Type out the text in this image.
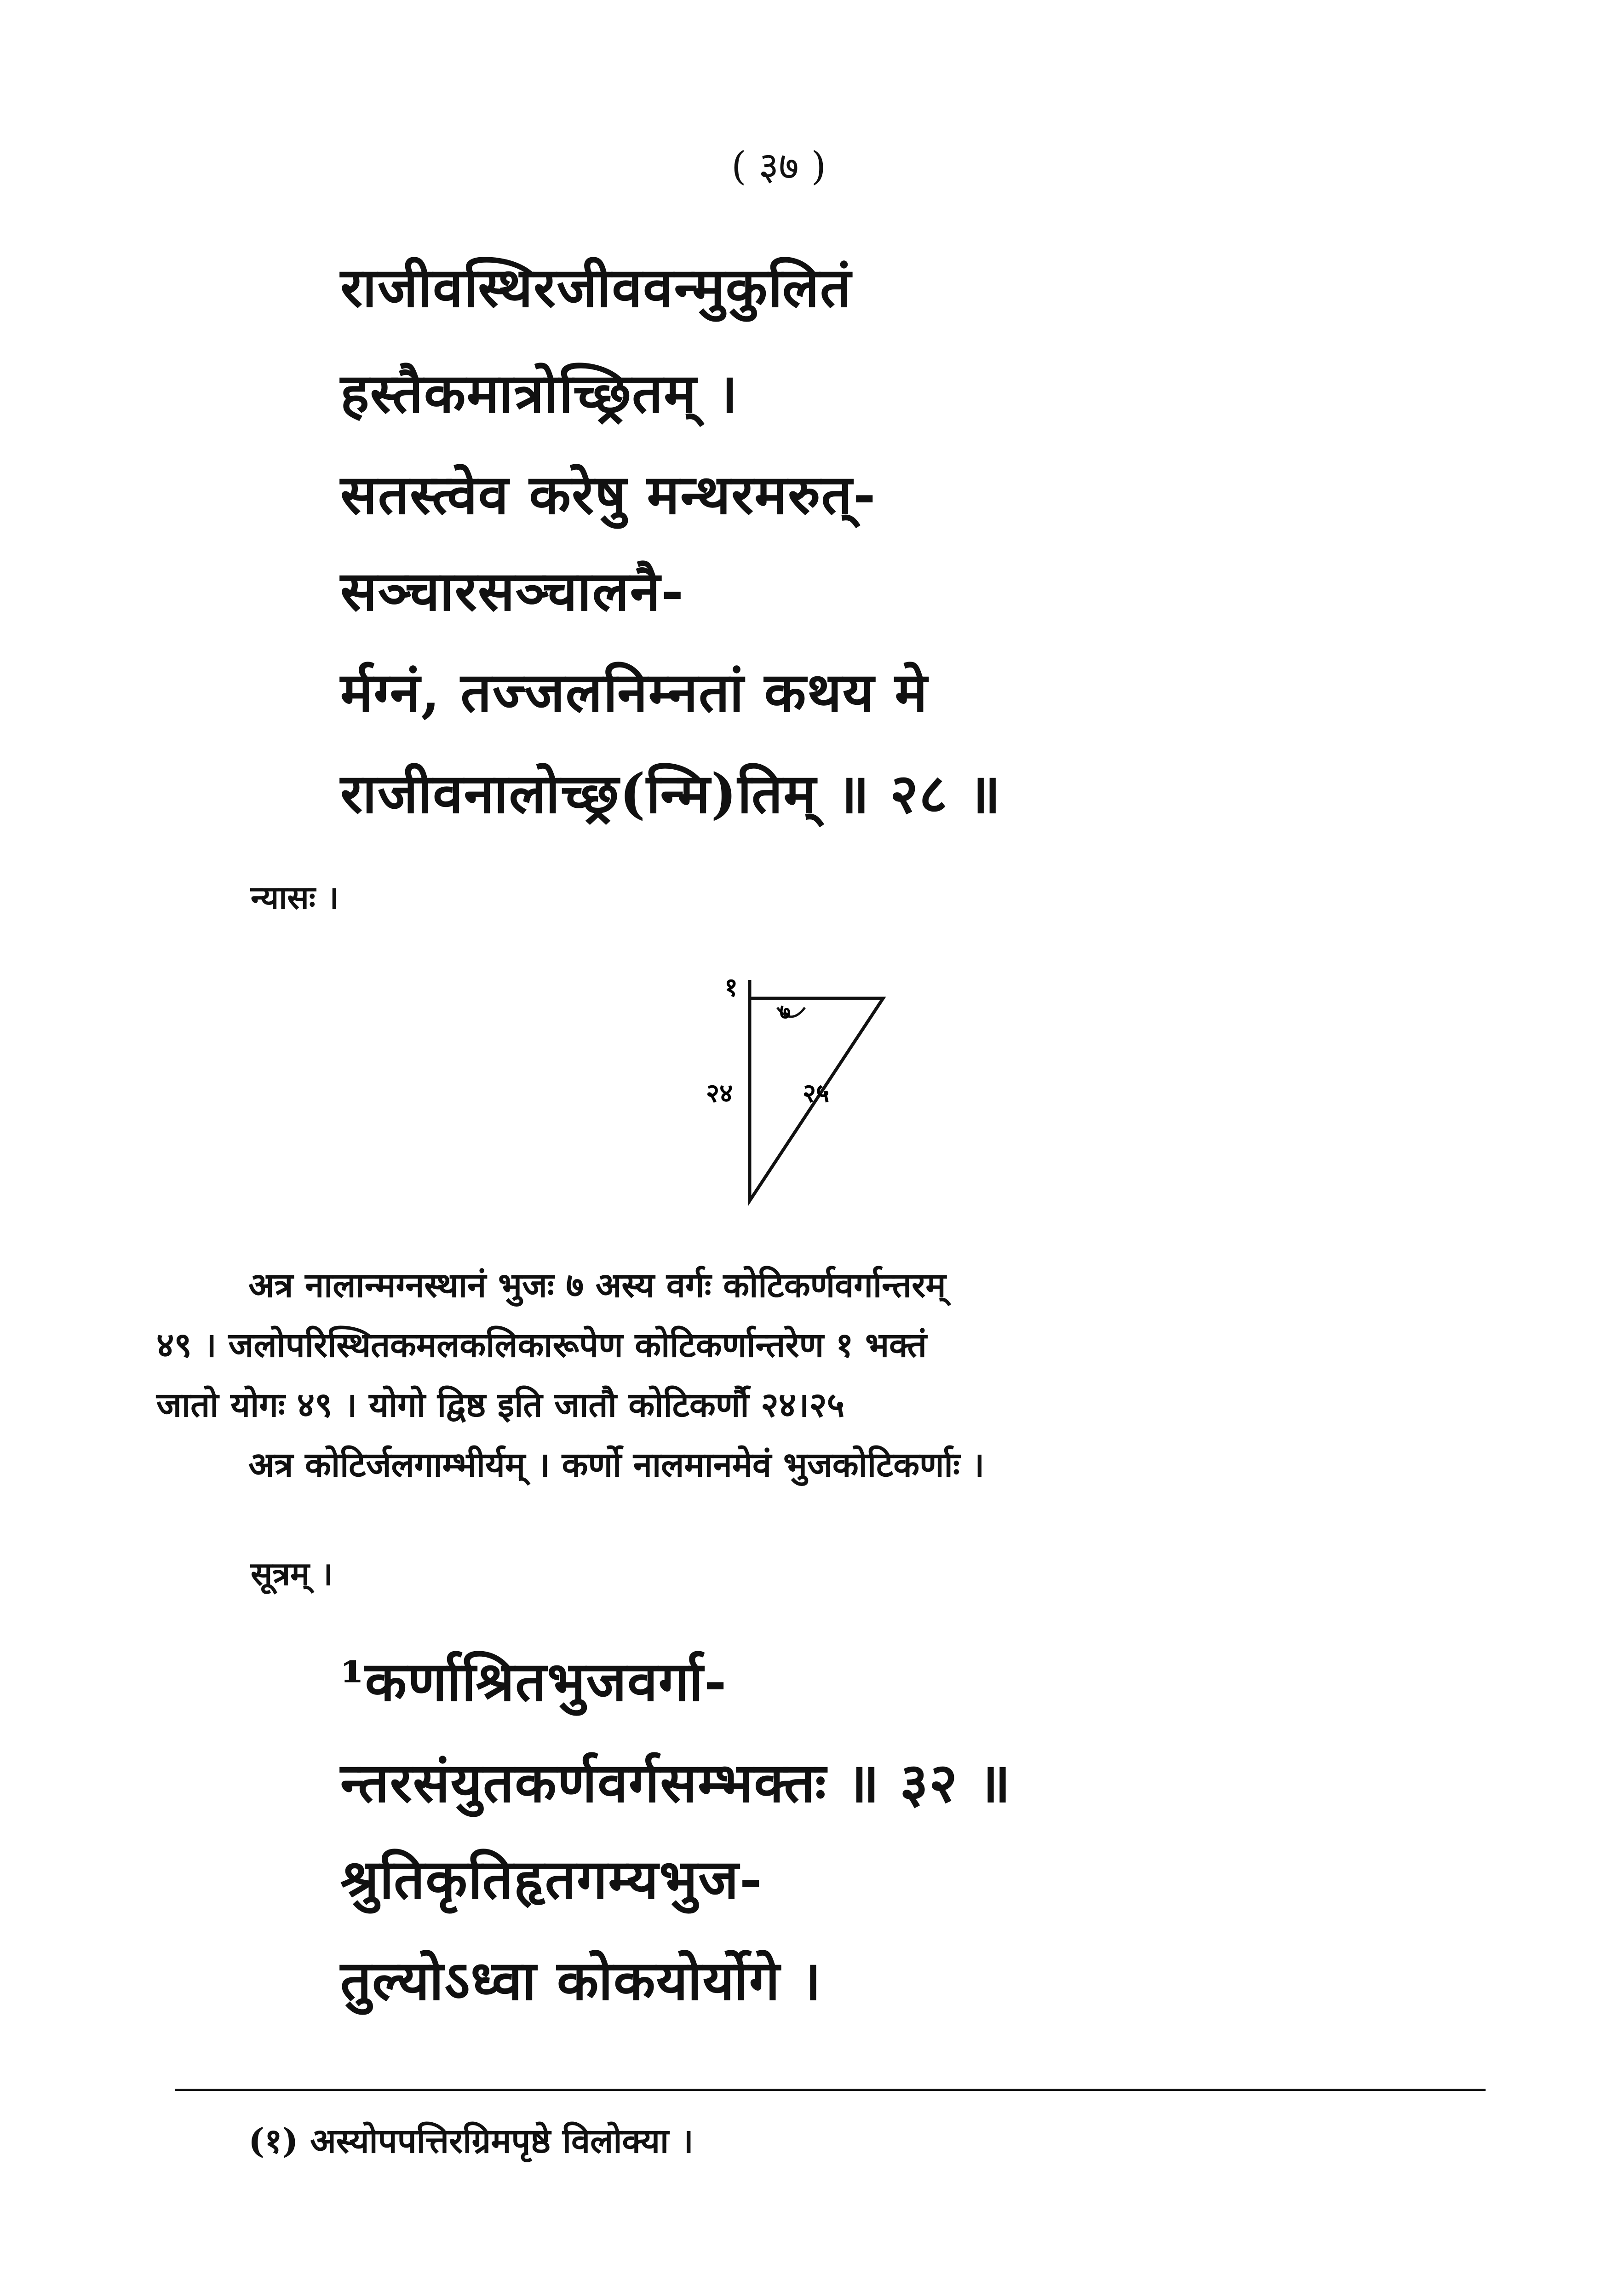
( ३७ )
राजीवस्थिरजीववन्मुकुलितं
हस्तैकमात्रोच्छ्रितम् ।
सतस्त्वेव करेषु मन्थरमरुत्-
सञ्चारसञ्चालनै-
र्मग्नं, तज्जलनिम्नतां कथय मे
राजीवनालोच्छ्र(न्मि)तिम् ॥ २८ ॥
न्यासः ।
१
७
२४	२५
अत्र नालान्मग्नस्थानं भुजः ७ अस्य वर्गः कोटिकर्णवर्गान्तरम्
४९ । जलोपरिस्थितकमलकलिकारूपेण कोटिकर्णान्तरेण १ भक्तं
जातो योगः ४९ । योगो द्विष्ठ इति जातौ कोटिकर्णौ २४।२५
अत्र कोटिर्जलगाम्भीर्यम् । कर्णो नालमानमेवं भुजकोटिकर्णाः ।
सूत्रम् ।
¹कर्णाश्रितभुजवर्गा-
न्तरसंयुतकर्णवर्गसम्भक्तः ॥ ३२ ॥
श्रुतिकृतिहृतगम्यभुज-
तुल्योऽध्वा कोकयोर्योगे ।
(१) अस्योपपत्तिरग्रिमपृष्ठे विलोक्या ।
